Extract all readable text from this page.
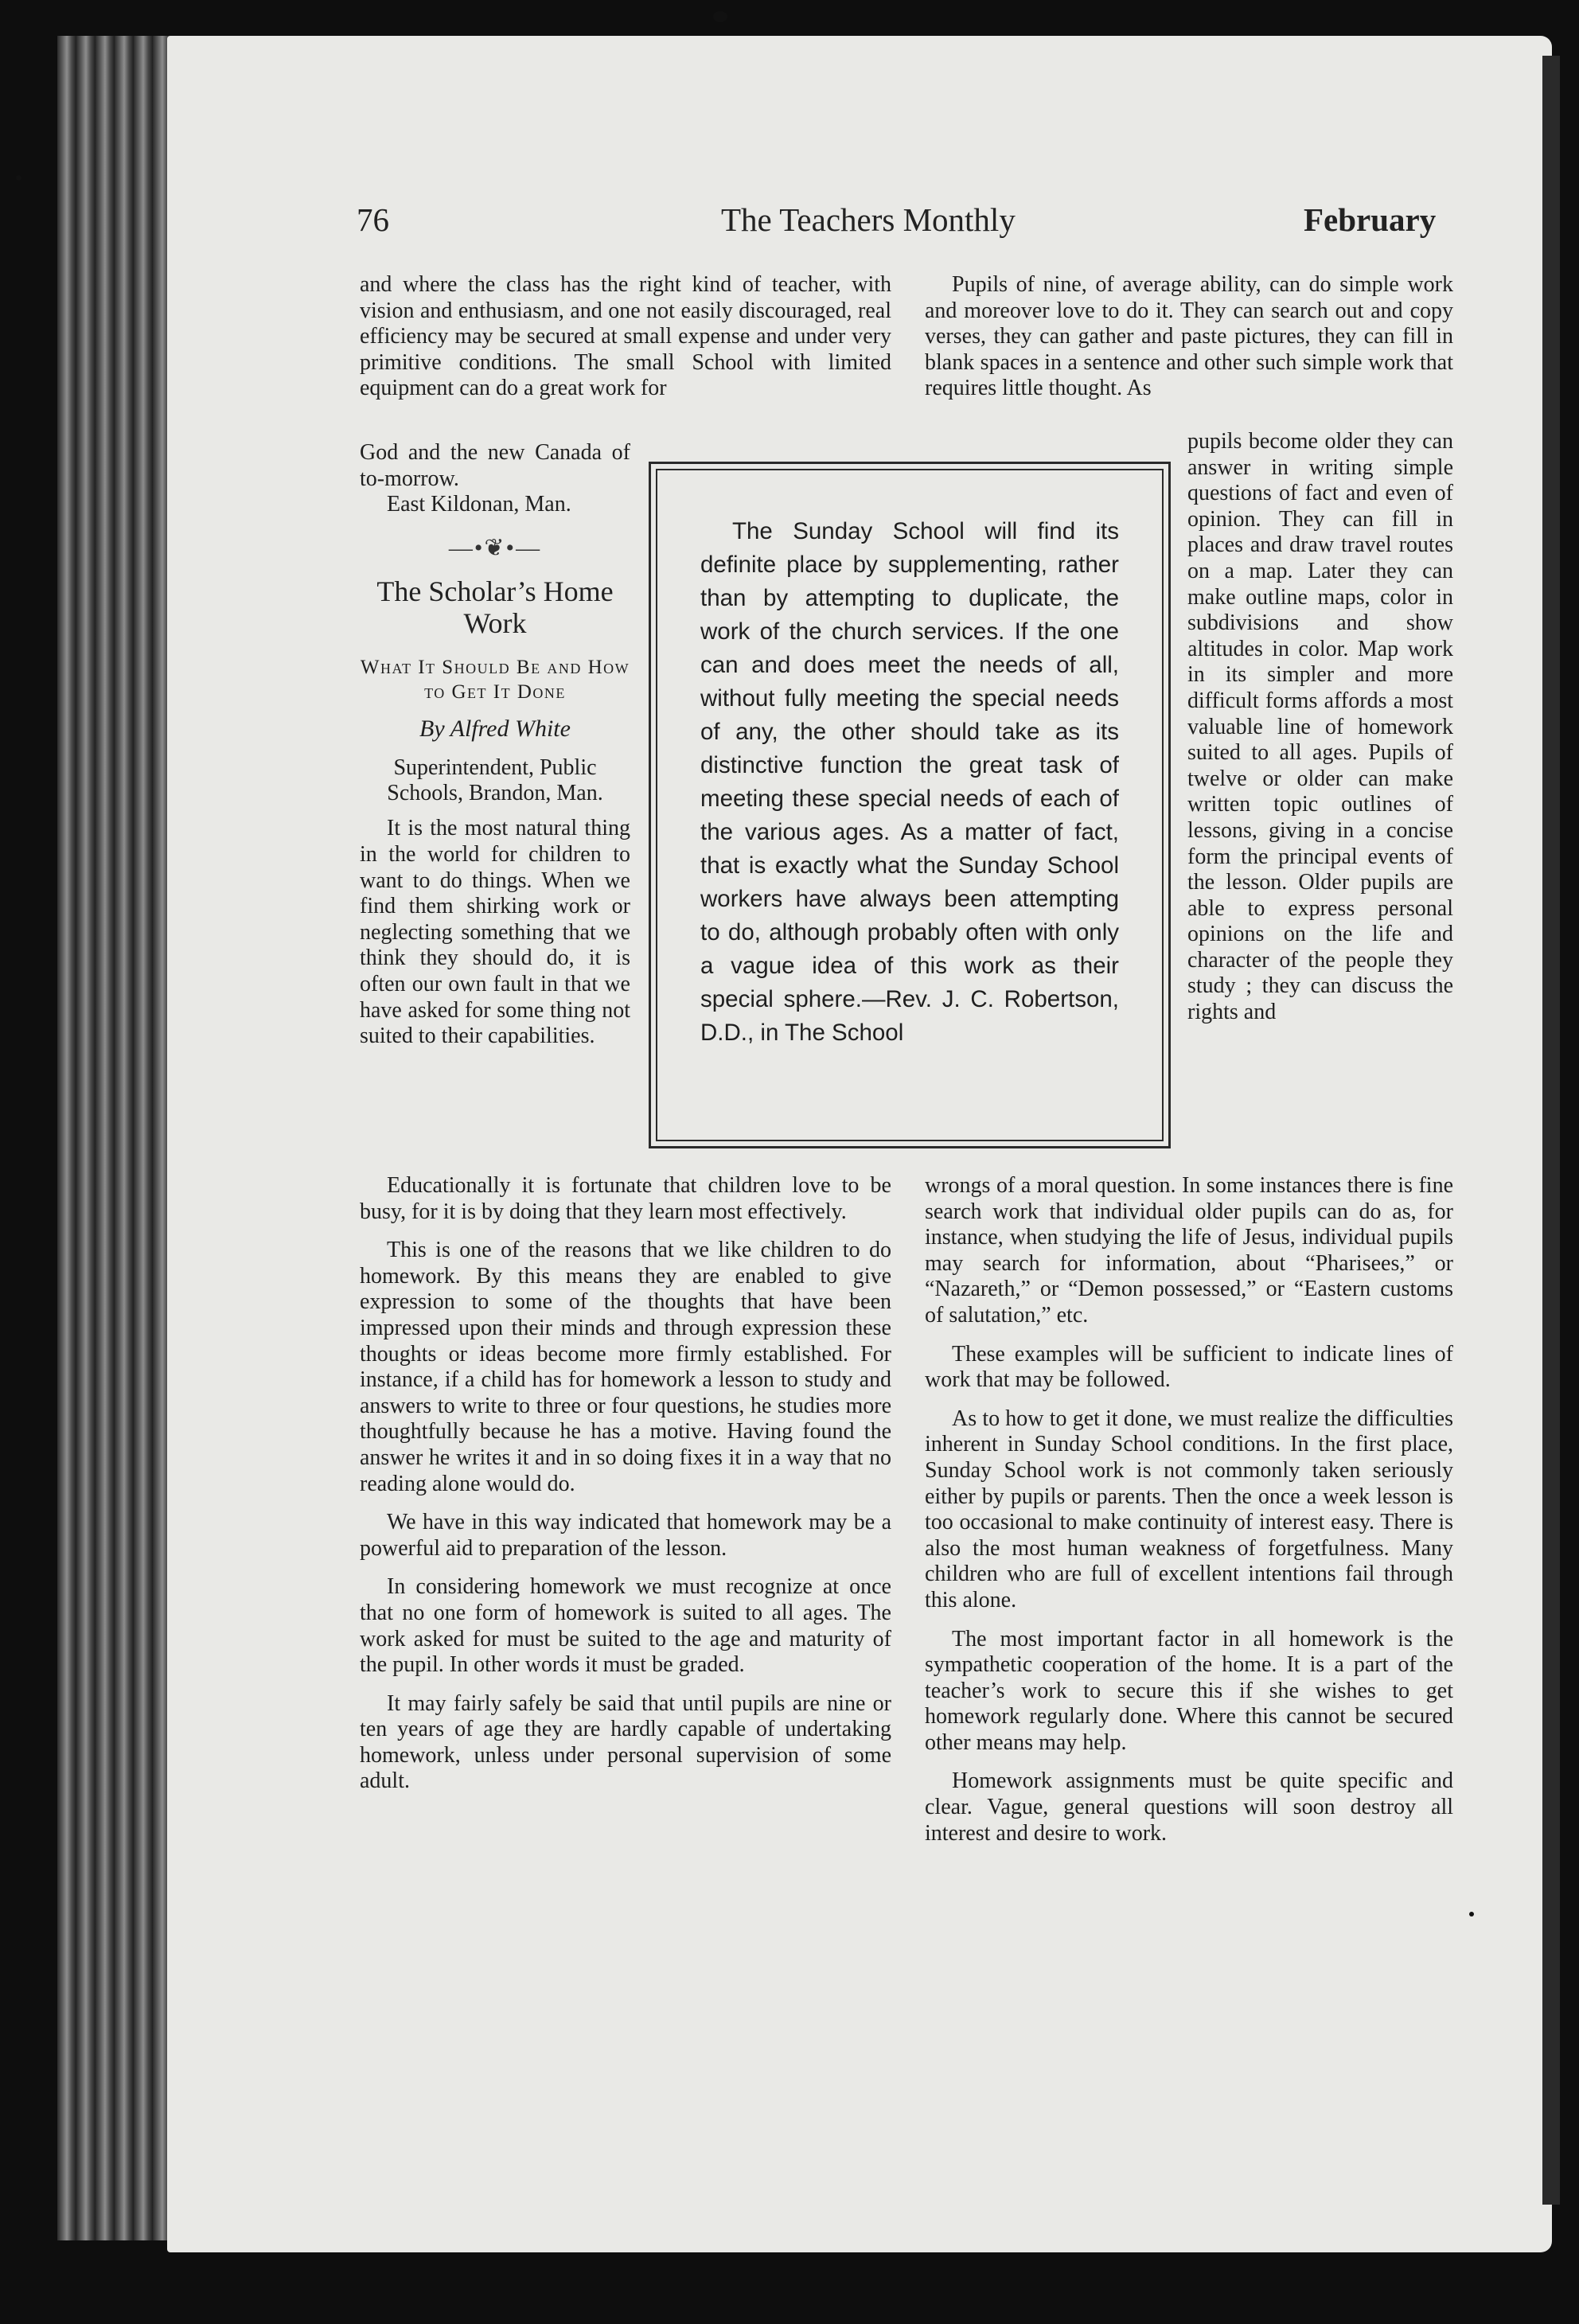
76	The Teachers Monthly	February

and where the class has the right kind of teacher, with vision and enthusiasm, and one not easily discouraged, real efficiency may be secured at small expense and under very primitive conditions. The small School with limited equipment can do a great work for

God and the new Canada of to-morrow.

East Kildonan, Man.

—•❦•—
The Scholar’s Home Work
What It Should Be and How to Get It Done
By Alfred White
Superintendent, Public Schools, Brandon, Man.

It is the most natural thing in the world for children to want to do things. When we find them shirking work or neglecting something that we think they should do, it is often our own fault in that we have asked for some thing not suited to their capabilities.

The Sunday School will find its definite place by supplementing, rather than by attempting to duplicate, the work of the church services. If the one can and does meet the needs of all, without fully meeting the special needs of any, the other should take as its distinctive function the great task of meeting these special needs of each of the various ages. As a matter of fact, that is exactly what the Sunday School workers have always been attempting to do, although probably often with only a vague idea of this work as their special sphere.—Rev. J. C. Robertson, D.D., in The School

Educationally it is fortunate that children love to be busy, for it is by doing that they learn most effectively.

This is one of the reasons that we like children to do homework. By this means they are enabled to give expression to some of the thoughts that have been impressed upon their minds and through expression these thoughts or ideas become more firmly established. For instance, if a child has for homework a lesson to study and answers to write to three or four questions, he studies more thoughtfully because he has a motive. Having found the answer he writes it and in so doing fixes it in a way that no reading alone would do.

We have in this way indicated that homework may be a powerful aid to preparation of the lesson.

In considering homework we must recognize at once that no one form of homework is suited to all ages. The work asked for must be suited to the age and maturity of the pupil. In other words it must be graded.

It may fairly safely be said that until pupils are nine or ten years of age they are hardly capable of undertaking homework, unless under personal supervision of some adult.

Pupils of nine, of average ability, can do simple work and moreover love to do it. They can search out and copy verses, they can gather and paste pictures, they can fill in blank spaces in a sentence and other such simple work that requires little thought. As

pupils become older they can answer in writing simple questions of fact and even of opinion. They can fill in places and draw travel routes on a map. Later they can make outline maps, color in subdivisions and show altitudes in color. Map work in its simpler and more difficult forms affords a most valuable line of homework suited to all ages. Pupils of twelve or older can make written topic outlines of lessons, giving in a concise form the principal events of the lesson. Older pupils are able to express personal opinions on the life and character of the people they study ; they can discuss the rights and

wrongs of a moral question. In some instances there is fine search work that individual older pupils can do as, for instance, when studying the life of Jesus, individual pupils may search for information, about “Pharisees,” or “Nazareth,” or “Demon possessed,” or “Eastern customs of salutation,” etc.

These examples will be sufficient to indicate lines of work that may be followed.

As to how to get it done, we must realize the difficulties inherent in Sunday School conditions. In the first place, Sunday School work is not commonly taken seriously either by pupils or parents. Then the once a week lesson is too occasional to make continuity of interest easy. There is also the most human weakness of forgetfulness. Many children who are full of excellent intentions fail through this alone.

The most important factor in all homework is the sympathetic cooperation of the home. It is a part of the teacher’s work to secure this if she wishes to get homework regularly done. Where this cannot be secured other means may help.

Homework assignments must be quite specific and clear. Vague, general questions will soon destroy all interest and desire to work.
